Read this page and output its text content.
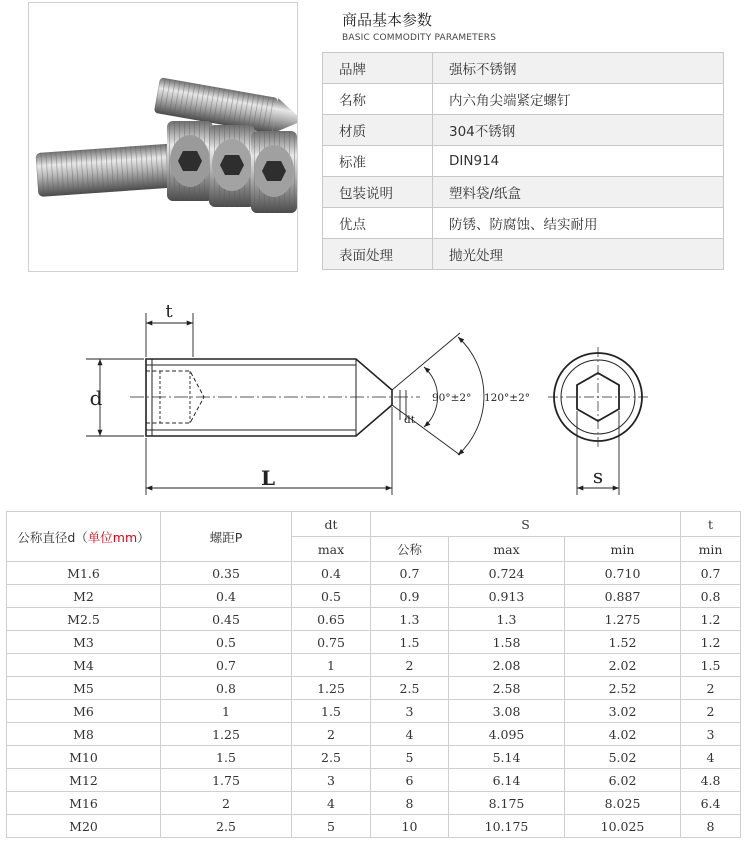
商品基本参数
BASIC COMMODITY PARAMETERS
品牌	强标不锈钢
名称	内六角尖端紧定螺钉
材质	304不锈钢
标准	DIN914
包装说明	塑料袋/纸盒
优点	防锈、防腐蚀、结实耐用
表面处理	抛光处理
t
d
L
90°±2° 120°±2°
dt
s
公称直径d（单位mm）	螺距P	dt	S			t
		max	公称	max	min	min
M1.6	0.35	0.4	0.7	0.724	0.710	0.7
M2	0.4	0.5	0.9	0.913	0.887	0.8
M2.5	0.45	0.65	1.3	1.3	1.275	1.2
M3	0.5	0.75	1.5	1.58	1.52	1.2
M4	0.7	1	2	2.08	2.02	1.5
M5	0.8	1.25	2.5	2.58	2.52	2
M6	1	1.5	3	3.08	3.02	2
M8	1.25	2	4	4.095	4.02	3
M10	1.5	2.5	5	5.14	5.02	4
M12	1.75	3	6	6.14	6.02	4.8
M16	2	4	8	8.175	8.025	6.4
M20	2.5	5	10	10.175	10.025	8
